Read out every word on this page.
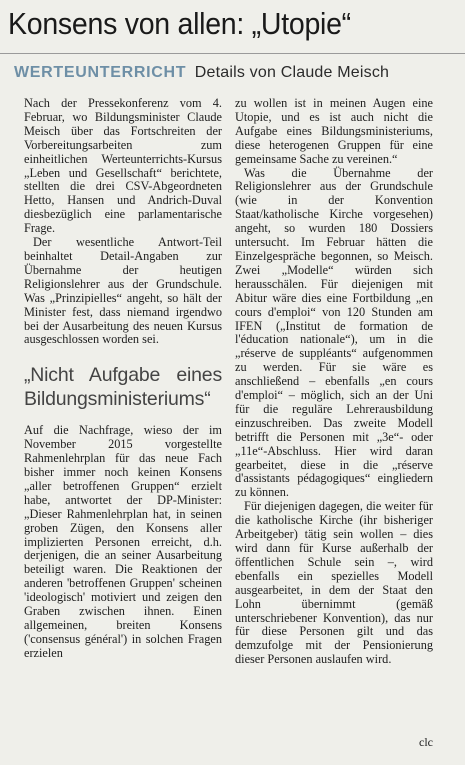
Konsens von allen: „Utopie“
WERTEUNTERRICHT Details von Claude Meisch

Nach der Pressekonferenz vom 4. Februar, wo Bildungsminister Claude Meisch über das Fortschreiten der Vorbereitungsarbeiten zum einheitlichen Werteunterrichts-Kursus „Leben und Gesellschaft“ berichtete, stellten die drei CSV-Abgeordneten Hetto, Hansen und Andrich-Duval diesbezüglich eine parlamentarische Frage.

Der wesentliche Antwort-Teil beinhaltet Detail-Angaben zur Übernahme der heutigen Religionslehrer aus der Grundschule. Was „Prinzipielles“ angeht, so hält der Minister fest, dass niemand irgendwo bei der Ausarbeitung des neuen Kursus ausgeschlossen worden sei.

„Nicht Aufgabe eines Bildungsministeriums“

Auf die Nachfrage, wieso der im November 2015 vorgestellte Rahmenlehrplan für das neue Fach bisher immer noch keinen Konsens „aller betroffenen Gruppen“ erzielt habe, antwortet der DP-Minister: „Dieser Rahmenlehrplan hat, in seinen groben Zügen, den Konsens aller implizierten Personen erreicht, d.h. derjenigen, die an seiner Ausarbeitung beteiligt waren. Die Reaktionen der anderen 'betroffenen Gruppen' scheinen 'ideologisch' motiviert und zeigen den Graben zwischen ihnen. Einen allgemeinen, breiten Konsens ('consensus général') in solchen Fragen erzielen

zu wollen ist in meinen Augen eine Utopie, und es ist auch nicht die Aufgabe eines Bildungsministeriums, diese heterogenen Gruppen für eine gemeinsame Sache zu vereinen.“

Was die Übernahme der Religionslehrer aus der Grundschule (wie in der Konvention Staat/katholische Kirche vorgesehen) angeht, so wurden 180 Dossiers untersucht. Im Februar hätten die Einzelgespräche begonnen, so Meisch. Zwei „Modelle“ würden sich herausschälen. Für diejenigen mit Abitur wäre dies eine Fortbildung „en cours d'emploi“ von 120 Stunden am IFEN („Institut de formation de l'éducation nationale“), um in die „réserve de suppléants“ aufgenommen zu werden. Für sie wäre es anschließend – ebenfalls „en cours d'emploi“ – möglich, sich an der Uni für die reguläre Lehrerausbildung einzuschreiben. Das zweite Modell betrifft die Personen mit „3e“- oder „11e“-Abschluss. Hier wird daran gearbeitet, diese in die „réserve d'assistants pédagogiques“ eingliedern zu können.

Für diejenigen dagegen, die weiter für die katholische Kirche (ihr bisheriger Arbeitgeber) tätig sein wollen – dies wird dann für Kurse außerhalb der öffentlichen Schule sein –, wird ebenfalls ein spezielles Modell ausgearbeitet, in dem der Staat den Lohn übernimmt (gemäß unterschriebener Konvention), das nur für diese Personen gilt und das demzufolge mit der Pensionierung dieser Personen auslaufen wird.

clc
